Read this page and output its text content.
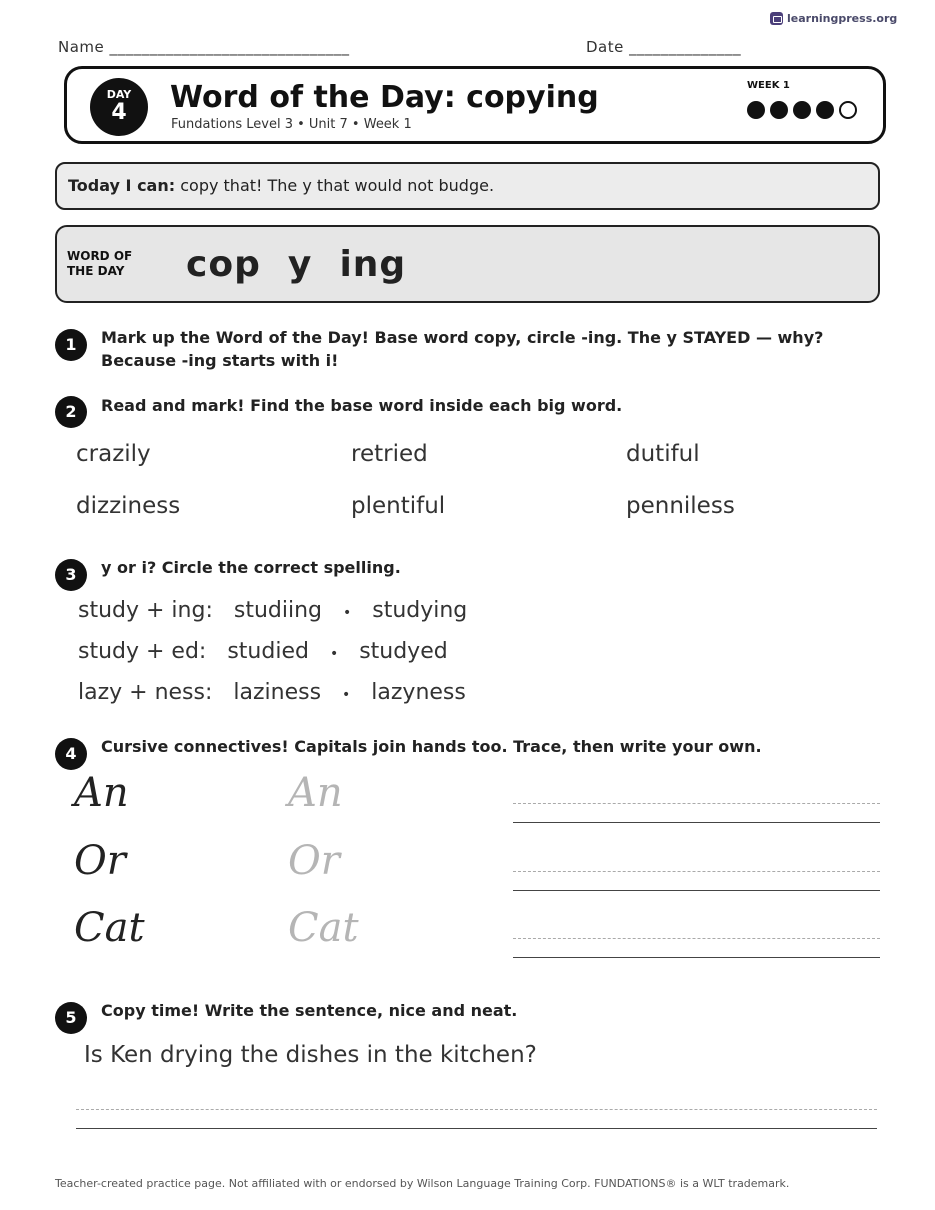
learningpress.org
Name ______________________________	Date ______________
DAY
4	Word of the Day: copying
Fundations Level 3 • Unit 7 • Week 1
WEEK 1
Today I can: copy that! The y that would not budge.
WORD OF THE DAY	cop  y  ing
1	Mark up the Word of the Day! Base word copy, circle -ing. The y STAYED — why? Because -ing starts with i!
2	Read and mark! Find the base word inside each big word.
crazily	retried	dutiful
dizziness	plentiful	penniless
3	y or i? Circle the correct spelling.
study + ing: studiing • studying
study + ed: studied • studyed
lazy + ness: laziness • lazyness
4	Cursive connectives! Capitals join hands too. Trace, then write your own.
An	An
Or	Or
Cat	Cat
5	Copy time! Write the sentence, nice and neat.
Is Ken drying the dishes in the kitchen?
Teacher-created practice page. Not affiliated with or endorsed by Wilson Language Training Corp. FUNDATIONS® is a WLT trademark.
